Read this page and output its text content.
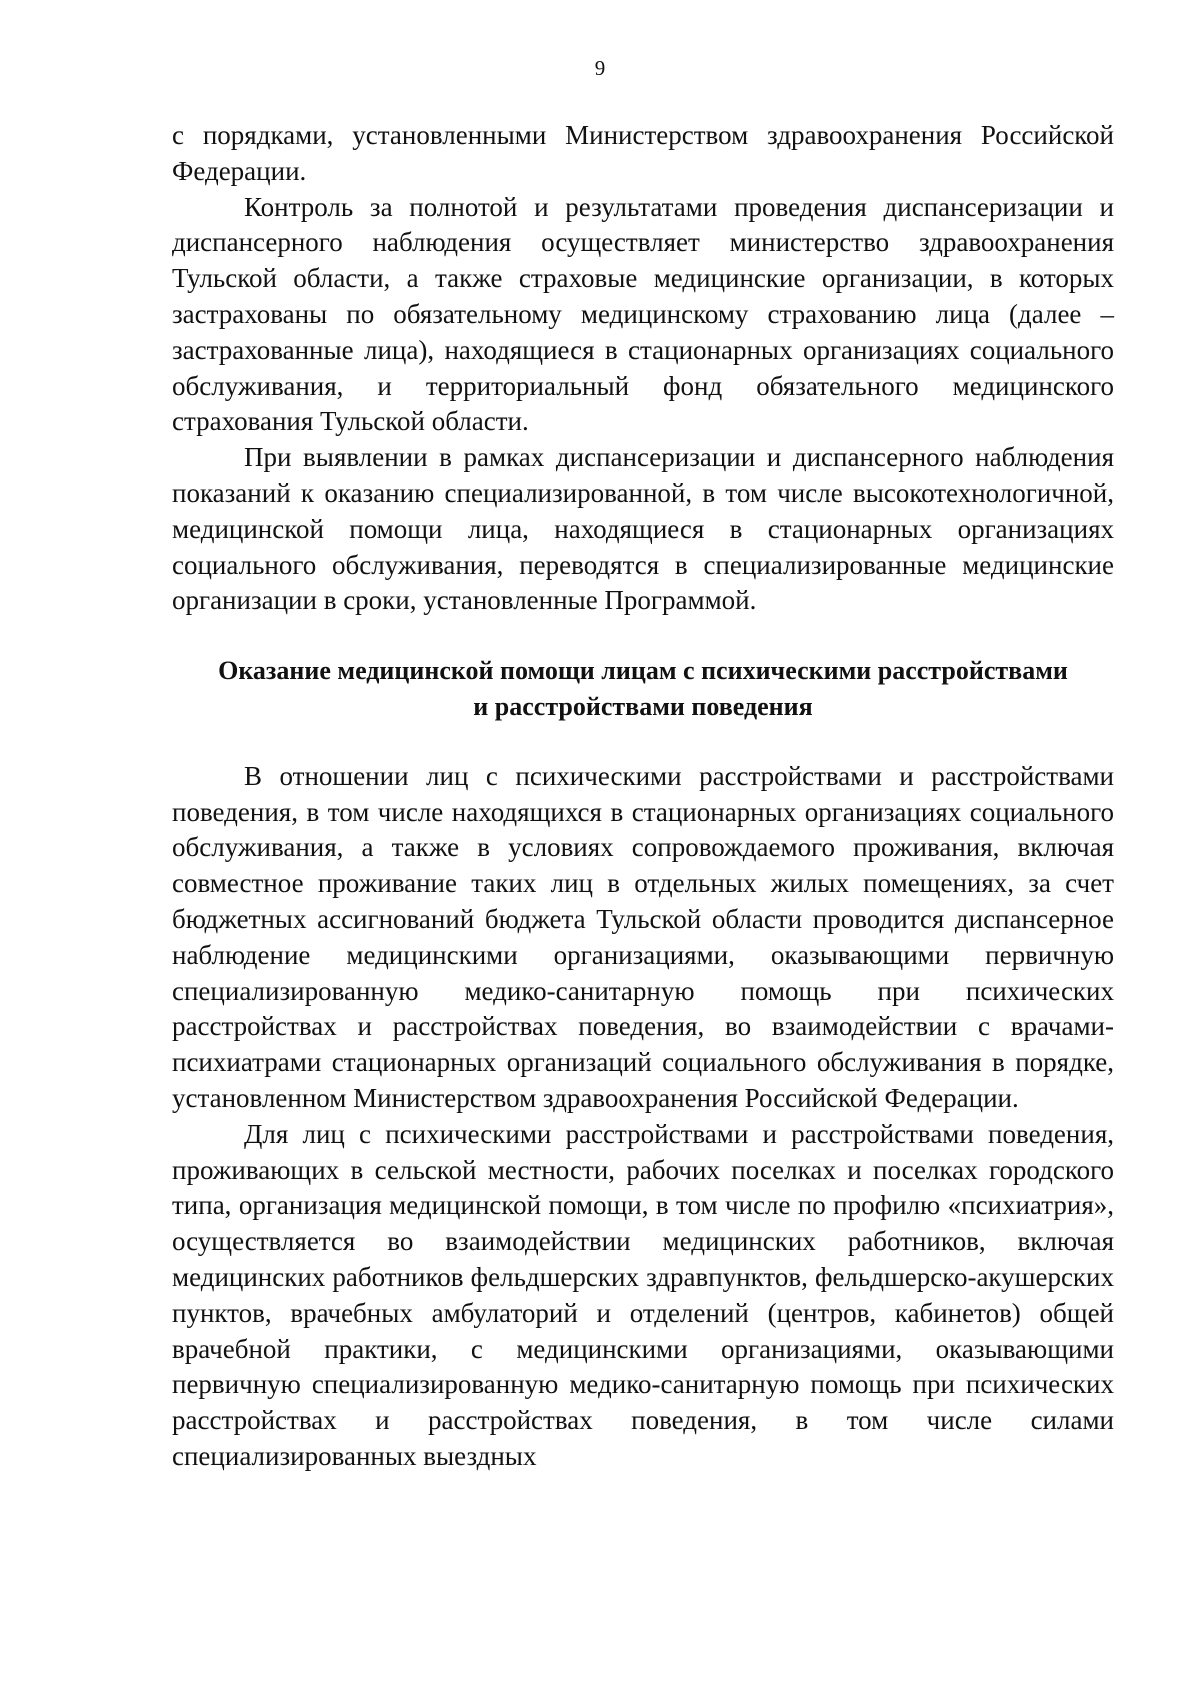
9

с порядками, установленными Министерством здравоохранения Российской Федерации.

Контроль за полнотой и результатами проведения диспансеризации и диспансерного наблюдения осуществляет министерство здравоохранения Тульской области, а также страховые медицинские организации, в которых застрахованы по обязательному медицинскому страхованию лица (далее – застрахованные лица), находящиеся в стационарных организациях социального обслуживания, и территориальный фонд обязательного медицинского страхования Тульской области.

При выявлении в рамках диспансеризации и диспансерного наблюдения показаний к оказанию специализированной, в том числе высокотехнологичной, медицинской помощи лица, находящиеся в стационарных организациях социального обслуживания, переводятся в специализированные медицинские организации в сроки, установленные Программой.

Оказание медицинской помощи лицам с психическими расстройствами
и расстройствами поведения

В отношении лиц с психическими расстройствами и расстройствами поведения, в том числе находящихся в стационарных организациях социального обслуживания, а также в условиях сопровождаемого проживания, включая совместное проживание таких лиц в отдельных жилых помещениях, за счет бюджетных ассигнований бюджета Тульской области проводится диспансерное наблюдение медицинскими организациями, оказывающими первичную специализированную медико-санитарную помощь при психических расстройствах и расстройствах поведения, во взаимодействии с врачами-психиатрами стационарных организаций социального обслуживания в порядке, установленном Министерством здравоохранения Российской Федерации.

Для лиц с психическими расстройствами и расстройствами поведения, проживающих в сельской местности, рабочих поселках и поселках городского типа, организация медицинской помощи, в том числе по профилю «психиатрия», осуществляется во взаимодействии медицинских работников, включая медицинских работников фельдшерских здравпунктов, фельдшерско-акушерских пунктов, врачебных амбулаторий и отделений (центров, кабинетов) общей врачебной практики, с медицинскими организациями, оказывающими первичную специализированную медико-санитарную помощь при психических расстройствах и расстройствах поведения, в том числе силами специализированных выездных
